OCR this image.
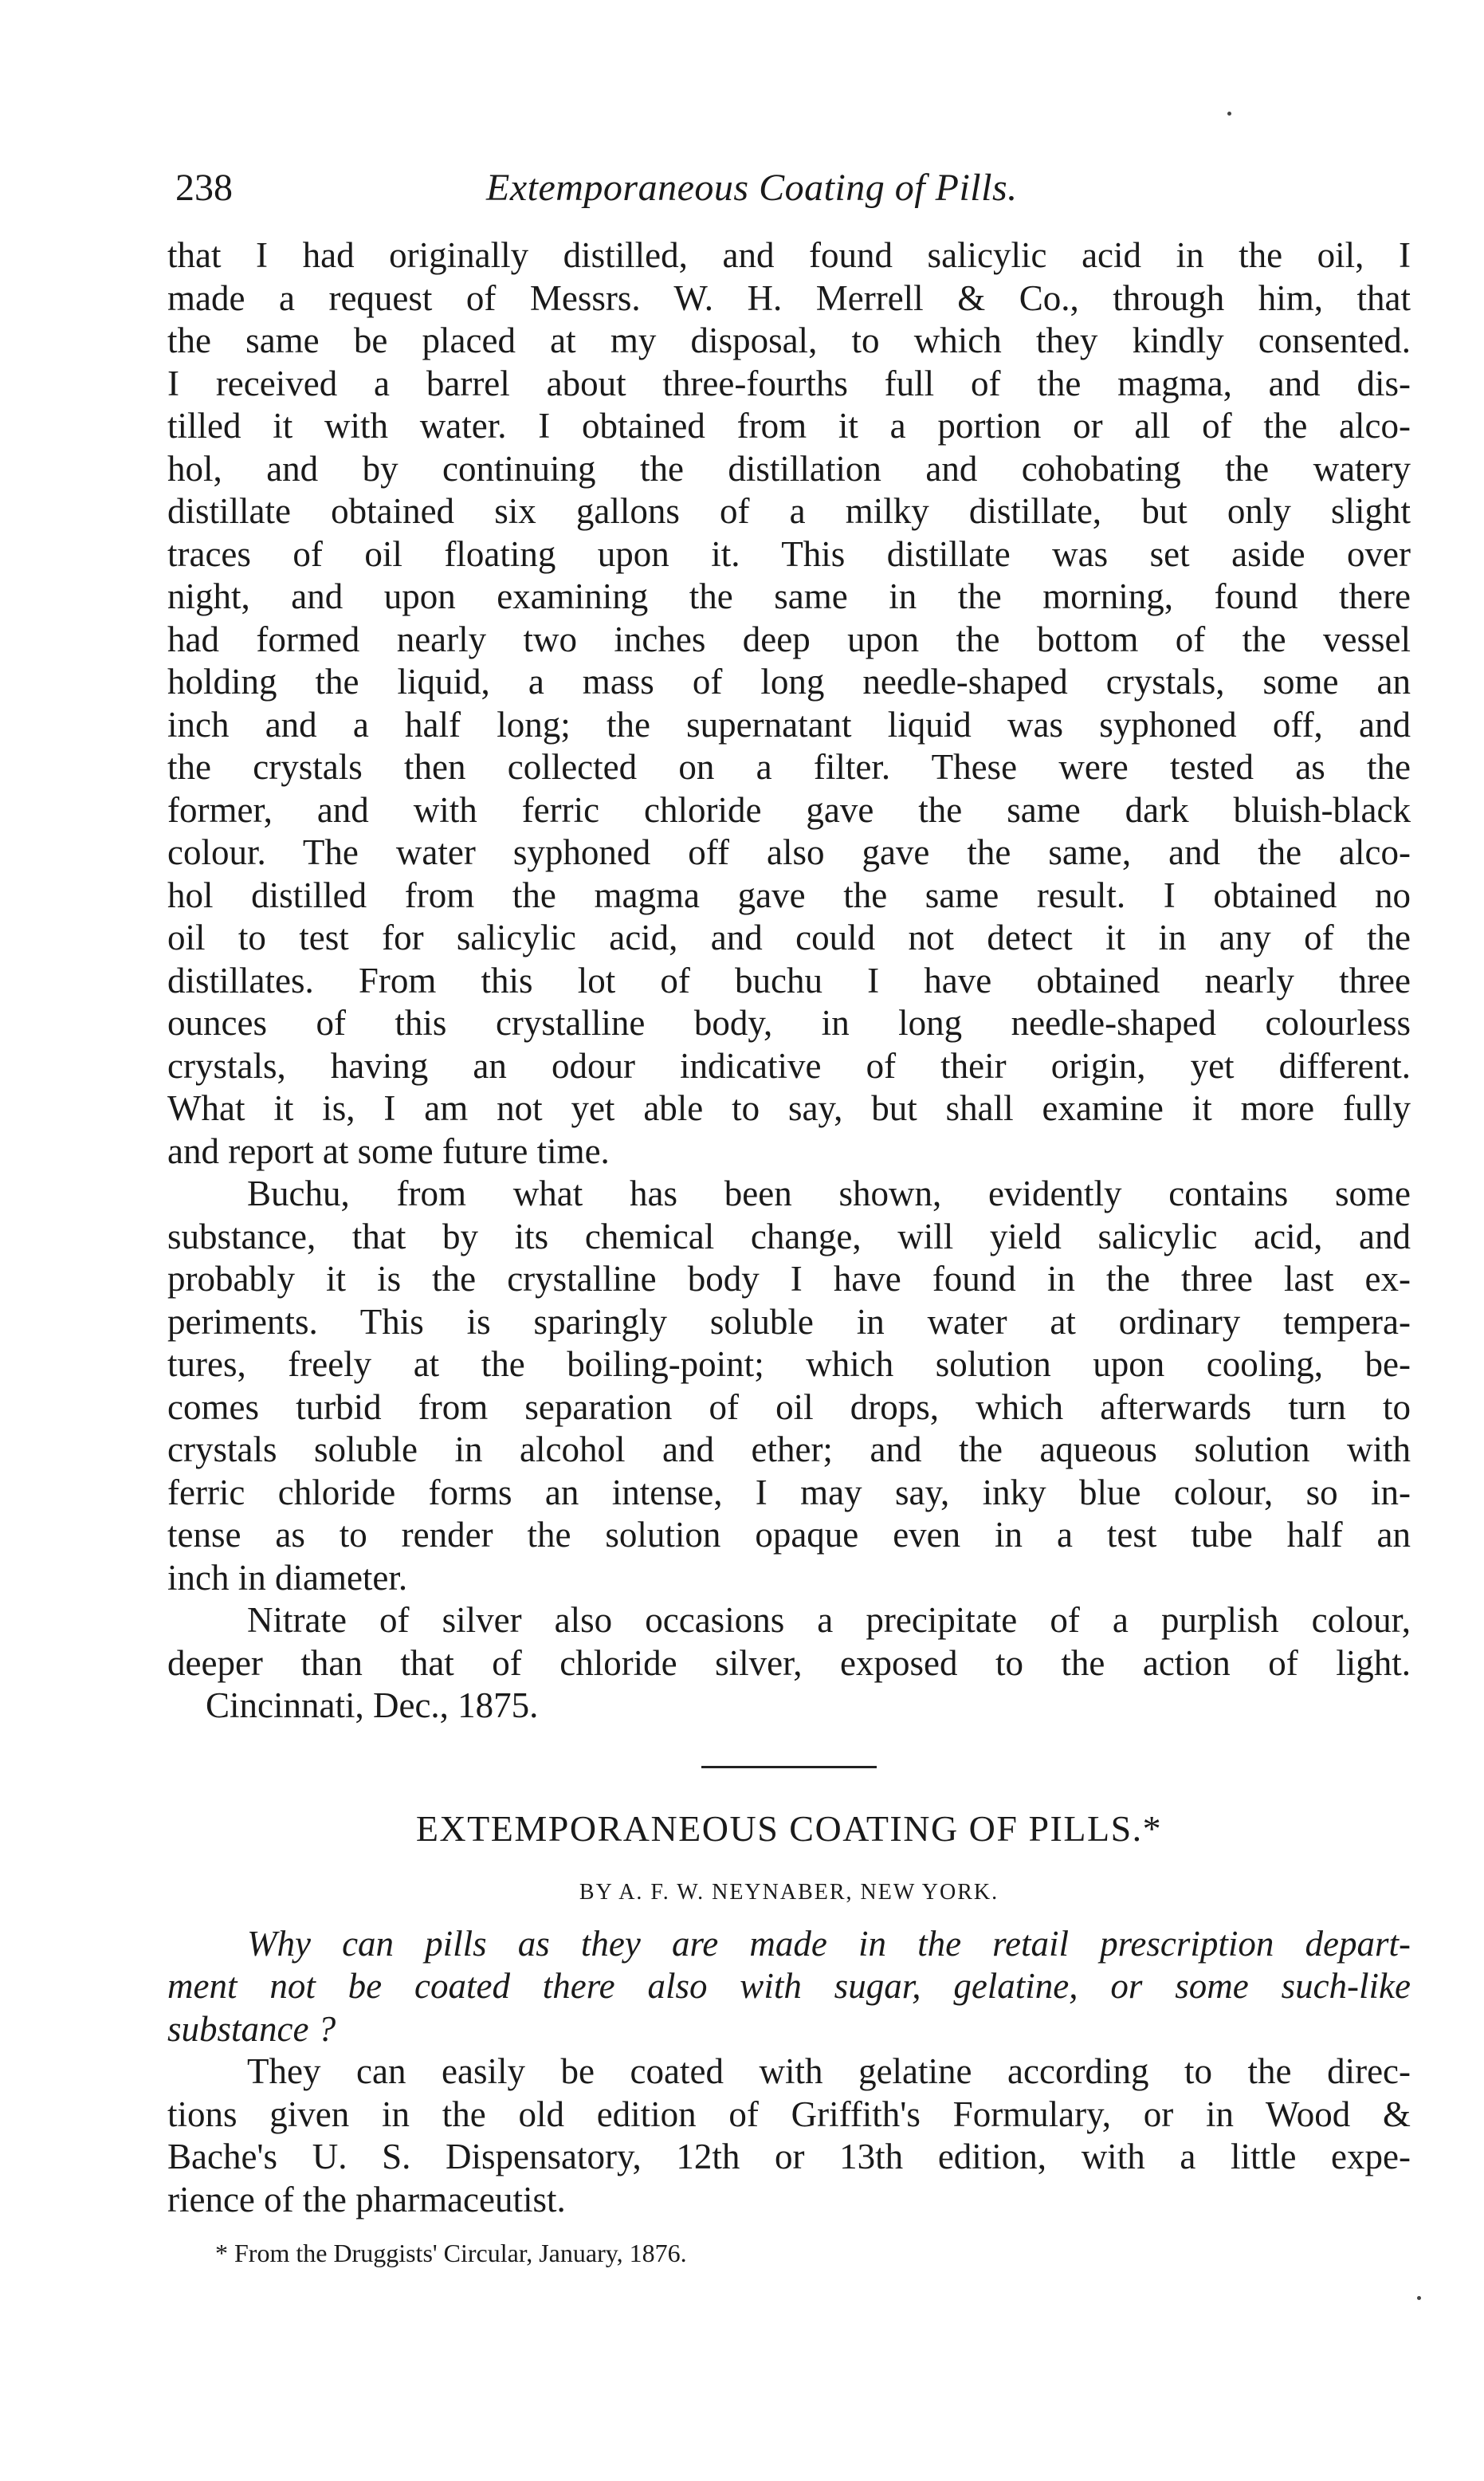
238	Extemporaneous Coating of Pills.
that I had originally distilled, and found salicylic acid in the oil, I
made a request of Messrs. W. H. Merrell & Co., through him, that
the same be placed at my disposal, to which they kindly consented.
I received a barrel about three-fourths full of the magma, and dis-
tilled it with water. I obtained from it a portion or all of the alco-
hol, and by continuing the distillation and cohobating the watery
distillate obtained six gallons of a milky distillate, but only slight
traces of oil floating upon it. This distillate was set aside over
night, and upon examining the same in the morning, found there
had formed nearly two inches deep upon the bottom of the vessel
holding the liquid, a mass of long needle-shaped crystals, some an
inch and a half long; the supernatant liquid was syphoned off, and
the crystals then collected on a filter. These were tested as the
former, and with ferric chloride gave the same dark bluish-black
colour. The water syphoned off also gave the same, and the alco-
hol distilled from the magma gave the same result. I obtained no
oil to test for salicylic acid, and could not detect it in any of the
distillates. From this lot of buchu I have obtained nearly three
ounces of this crystalline body, in long needle-shaped colourless
crystals, having an odour indicative of their origin, yet different.
What it is, I am not yet able to say, but shall examine it more fully
and report at some future time.
Buchu, from what has been shown, evidently contains some
substance, that by its chemical change, will yield salicylic acid, and
probably it is the crystalline body I have found in the three last ex-
periments. This is sparingly soluble in water at ordinary tempera-
tures, freely at the boiling-point; which solution upon cooling, be-
comes turbid from separation of oil drops, which afterwards turn to
crystals soluble in alcohol and ether; and the aqueous solution with
ferric chloride forms an intense, I may say, inky blue colour, so in-
tense as to render the solution opaque even in a test tube half an
inch in diameter.
Nitrate of silver also occasions a precipitate of a purplish colour,
deeper than that of chloride silver, exposed to the action of light.
Cincinnati, Dec., 1875.
EXTEMPORANEOUS COATING OF PILLS.*
BY A. F. W. NEYNABER, NEW YORK.
Why can pills as they are made in the retail prescription depart-
ment not be coated there also with sugar, gelatine, or some such-like
substance ?
They can easily be coated with gelatine according to the direc-
tions given in the old edition of Griffith's Formulary, or in Wood &
Bache's U. S. Dispensatory, 12th or 13th edition, with a little expe-
rience of the pharmaceutist.
* From the Druggists' Circular, January, 1876.
